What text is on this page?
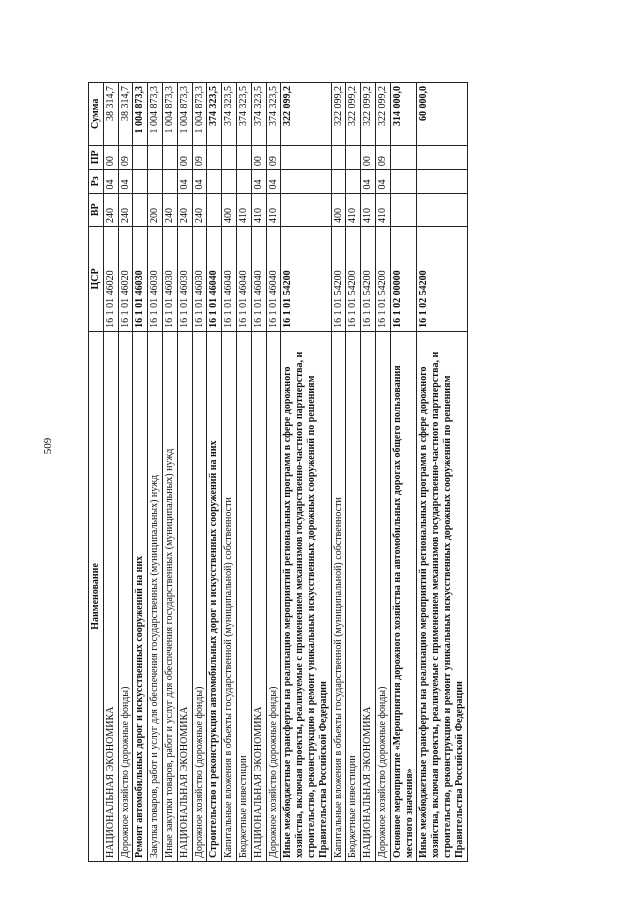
509
Наименование	ЦСР	ВР	Рз	ПР	Сумма
НАЦИОНАЛЬНАЯ ЭКОНОМИКА	16 1 01 46020	240	04	00	38 314,7
Дорожное хозяйство (дорожные фонды)	16 1 01 46020	240	04	09	38 314,7
Ремонт автомобильных дорог и искусственных сооружений на них	16 1 01 46030				1 004 873,3
Закупка товаров, работ и услуг для обеспечения государственных (муниципальных) нужд	16 1 01 46030	200			1 004 873,3
Иные закупки товаров, работ и услуг для обеспечения государственных (муниципальных) нужд	16 1 01 46030	240			1 004 873,3
НАЦИОНАЛЬНАЯ ЭКОНОМИКА	16 1 01 46030	240	04	00	1 004 873,3
Дорожное хозяйство (дорожные фонды)	16 1 01 46030	240	04	09	1 004 873,3
Строительство и реконструкция автомобильных дорог и искусственных сооружений на них	16 1 01 46040				374 323,5
Капитальные вложения в объекты государственной (муниципальной) собственности	16 1 01 46040	400			374 323,5
Бюджетные инвестиции	16 1 01 46040	410			374 323,5
НАЦИОНАЛЬНАЯ ЭКОНОМИКА	16 1 01 46040	410	04	00	374 323,5
Дорожное хозяйство (дорожные фонды)	16 1 01 46040	410	04	09	374 323,5
Иные межбюджетные трансферты на реализацию мероприятий региональных программ в сфере дорожного хозяйства, включая проекты, реализуемые с применением механизмов государственно-частного партнерства, и строительство, реконструкцию и ремонт уникальных искусственных дорожных сооружений по решениям Правительства Российской Федерации	16 1 01 54200				322 099,2
Капитальные вложения в объекты государственной (муниципальной) собственности	16 1 01 54200	400			322 099,2
Бюджетные инвестиции	16 1 01 54200	410			322 099,2
НАЦИОНАЛЬНАЯ ЭКОНОМИКА	16 1 01 54200	410	04	00	322 099,2
Дорожное хозяйство (дорожные фонды)	16 1 01 54200	410	04	09	322 099,2
Основное мероприятие «Мероприятия дорожного хозяйства на автомобильных дорогах общего пользования местного значения»	16 1 02 00000				314 000,0
Иные межбюджетные трансферты на реализацию мероприятий региональных программ в сфере дорожного хозяйства, включая проекты, реализуемые с применением механизмов государственно-частного партнерства, и строительство, реконструкцию и ремонт уникальных искусственных дорожных сооружений по решениям Правительства Российской Федерации	16 1 02 54200				60 000,0
